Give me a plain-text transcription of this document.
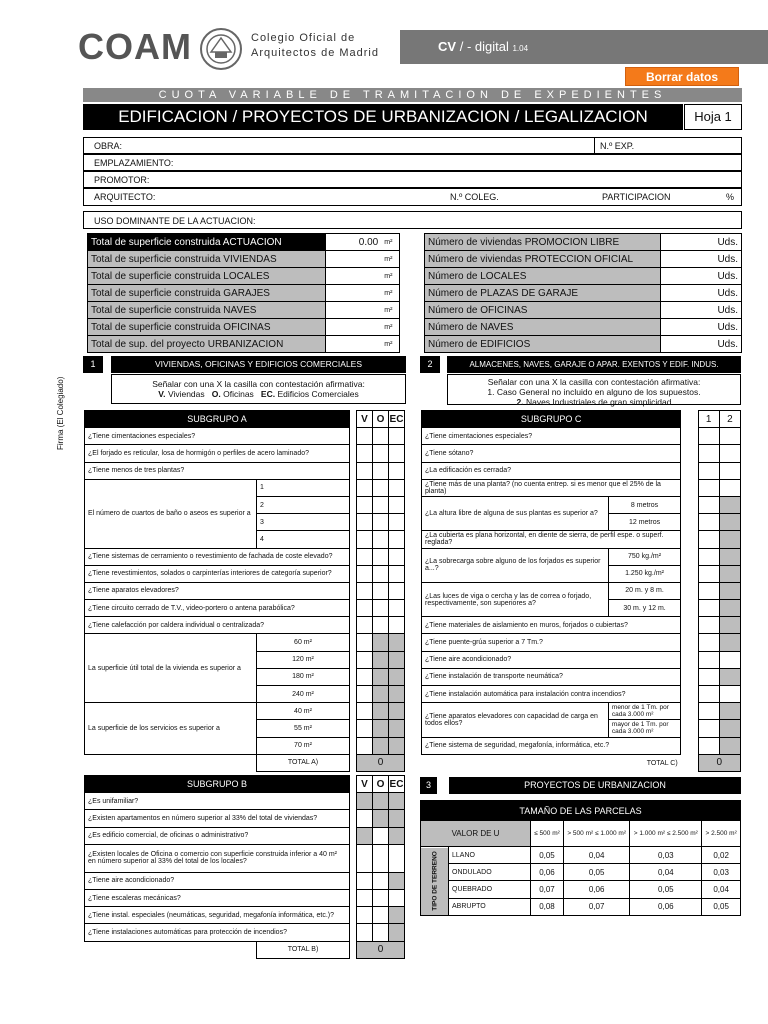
COAM	Colegio Oficial de
Arquitectos de Madrid	CV / - digital 1.04
Borrar datos
CUOTA VARIABLE DE TRAMITACION DE EXPEDIENTES
EDIFICACION / PROYECTOS DE URBANIZACION / LEGALIZACION	Hoja 1
OBRA:	N.º EXP.
EMPLAZAMIENTO:
PROMOTOR:
ARQUITECTO:	N.º COLEG.	PARTICIPACION	%
USO DOMINANTE DE LA ACTUACION:
Total de superficie construida ACTUACION	0.00	m²
Total de superficie construida VIVIENDAS		m²
Total de superficie construida LOCALES		m²
Total de superficie construida GARAJES		m²
Total de superficie construida NAVES		m²
Total de superficie construida OFICINAS		m²
Total de sup. del proyecto URBANIZACION		m²
Número de viviendas PROMOCION LIBRE	Uds.
Número de viviendas PROTECCION OFICIAL	Uds.
Número de LOCALES	Uds.
Número de PLAZAS DE GARAJE	Uds.
Número de OFICINAS	Uds.
Número de NAVES	Uds.
Número de EDIFICIOS	Uds.
1	VIVIENDAS, OFICINAS Y EDIFICIOS COMERCIALES
Señalar con una X la casilla con contestación afirmativa:
V. Viviendas O. Oficinas EC. Edificios Comerciales
2	ALMACENES, NAVES, GARAJE O APAR. EXENTOS Y EDIF. INDUS.
Señalar con una X la casilla con contestación afirmativa:
1. Caso General no incluido en alguno de los supuestos.
2. Naves Industriales de gran simplicidad
Firma (El Colegiado)	SUBGRUPO A			V	O	EC
¿Tiene cimentaciones especiales?					
¿El forjado es reticular, losa de hormigón o perfiles de acero laminado?					
¿Tiene menos de tres plantas?					
El número de cuartos de baño o aseos es superior a	1				
	2				
	3				
	4				
¿Tiene sistemas de cerramiento o revestimiento de fachada de coste elevado?					
¿Tiene revestimientos, solados o carpinterías interiores de categoría superior?					
¿Tiene aparatos elevadores?					
¿Tiene circuito cerrado de T.V., video-portero o antena parabólica?					
¿Tiene calefacción por caldera individual o centralizada?					
La superficie útil total de la vivienda es superior a	60 m²				
	120 m²				
	180 m²				
	240 m²				
La superficie de los servicios es superior a	40 m²				
	55 m²				
	70 m²				
	TOTAL A)		0		
SUBGRUPO C			1	2
¿Tiene cimentaciones especiales?				
¿Tiene sótano?				
¿La edificación es cerrada?				
¿Tiene más de una planta? (no cuenta entrep. si es menor que el 25% de la planta)				
¿La altura libre de alguna de sus plantas es superior a?	8 metros			
	12 metros			
¿La cubierta es plana horizontal, en diente de sierra, de perfil espe. o superf. reglada?				
¿La sobrecarga sobre alguno de los forjados es superior a...?	750 kg./m²			
	1.250 kg./m²			
¿Las luces de viga o cercha y las de correa o forjado, respectivamente, son superiores a?	20 m. y 8 m.			
	30 m. y 12 m.			
¿Tiene materiales de aislamiento en muros, forjados o cubiertas?				
¿Tiene puente-grúa superior a 7 Tm.?				
¿Tiene aire acondicionado?				
¿Tiene instalación de transporte neumática?				
¿Tiene instalación automática para instalación contra incendios?				
¿Tiene aparatos elevadores con capacidad de carga en todos ellos?	menor de 1 Tm. por cada 3.000 m²			
	mayor de 1 Tm. por cada 3.000 m²			
¿Tiene sistema de seguridad, megafonía, informática, etc.?				
TOTAL C)			0	
SUBGRUPO B			V	O	EC
¿Es unifamiliar?					
¿Existen apartamentos en número superior al 33% del total de viviendas?					
¿Es edificio comercial, de oficinas o administrativo?					
¿Existen locales de Oficina o comercio con superficie construida inferior a 40 m² en número superior al 33% del total de los locales?					
¿Tiene aire acondicionado?					
¿Tiene escaleras mecánicas?					
¿Tiene instal. especiales (neumáticas, seguridad, megafonía informática, etc.)?					
¿Tiene instalaciones automáticas para protección de incendios?					
	TOTAL B)		0		
3	PROYECTOS DE URBANIZACION
TAMAÑO DE LAS PARCELAS					
VALOR DE U		≤ 500 m²	> 500 m² ≤ 1.000 m²	> 1.000 m² ≤ 2.500 m²	> 2.500 m²
TIPO DE TERRENO	LLANO	0,05	0,04	0,03	0,02
	ONDULADO	0,06	0,05	0,04	0,03
	QUEBRADO	0,07	0,06	0,05	0,04
	ABRUPTO	0,08	0,07	0,06	0,05
